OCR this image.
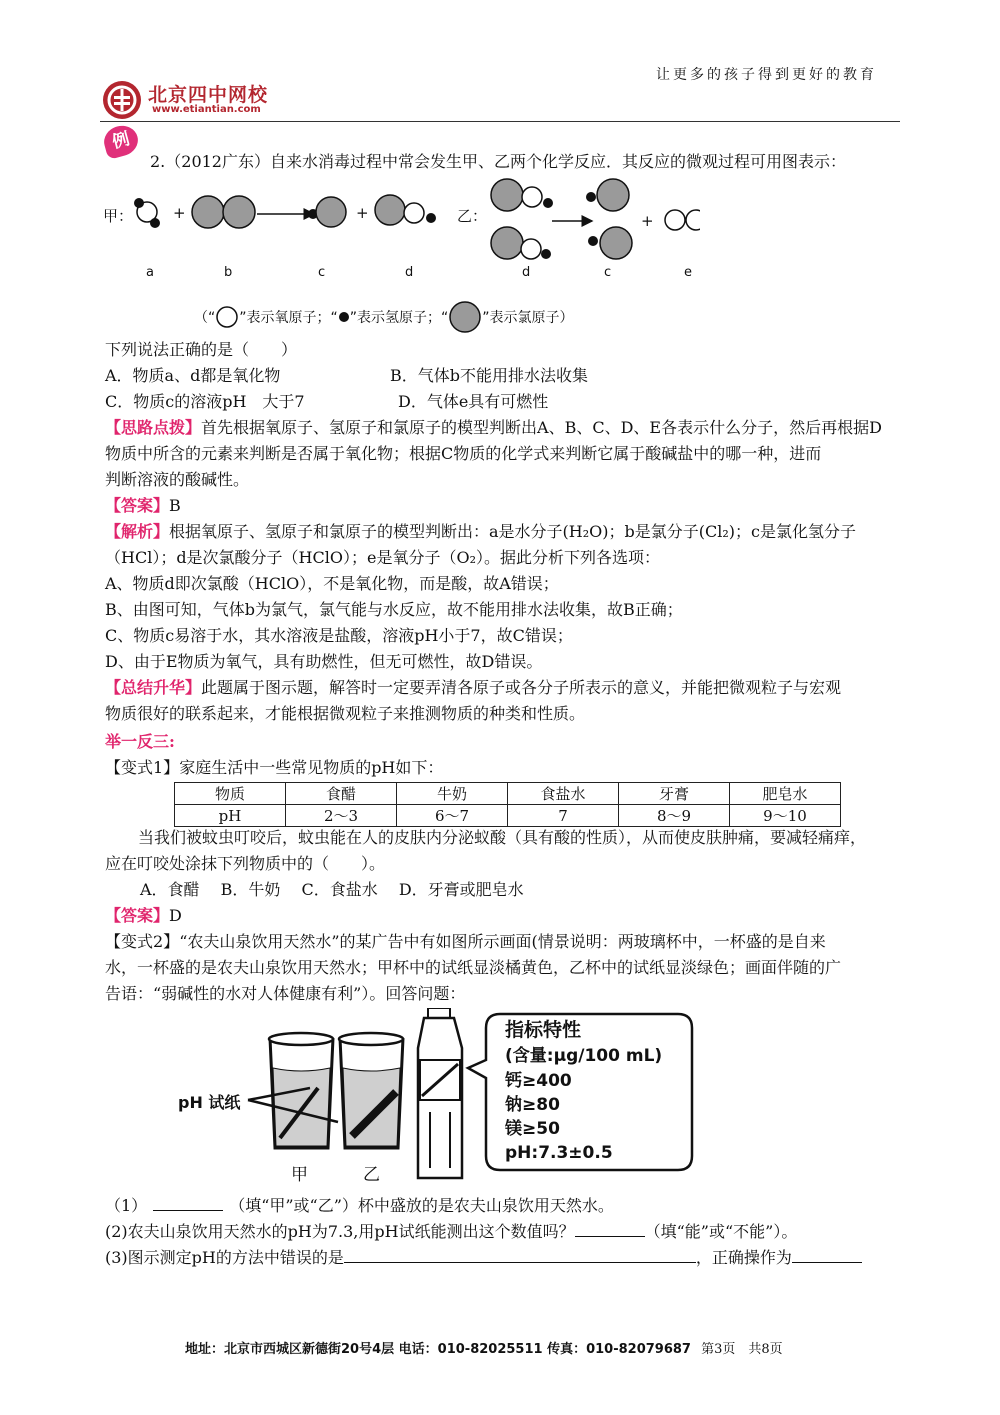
让更多的孩子得到更好的教育
北京四中网校
www.etiantian.com
例
2.（2012广东）自来水消毒过程中常会发生甲、乙两个化学反应．其反应的微观过程可用图表示：
甲：	+	+	乙：	+
a	b	c	d	d	c	e
（“ ”表示氧原子；“ ”表示氢原子；“ ”表示氯原子）
下列说法正确的是（　　）
A．物质a、d都是氧化物	B．气体b不能用排水法收集
C．物质c的溶液pH　大于7	D．气体e具有可燃性
【思路点拨】首先根据氧原子、氢原子和氯原子的模型判断出A、B、C、D、E各表示什么分子，然后再根据D
物质中所含的元素来判断是否属于氧化物；根据C物质的化学式来判断它属于酸碱盐中的哪一种，进而
判断溶液的酸碱性。
【答案】B
【解析】根据氧原子、氢原子和氯原子的模型判断出：a是水分子(H₂O)；b是氯分子(Cl₂)；c是氯化氢分子
（HCl）；d是次氯酸分子（HClO）；e是氧分子（O₂）。据此分析下列各选项：
A、物质d即次氯酸（HClO），不是氧化物，而是酸，故A错误；
B、由图可知，气体b为氯气，氯气能与水反应，故不能用排水法收集，故B正确；
C、物质c易溶于水，其水溶液是盐酸，溶液pH小于7，故C错误；
D、由于E物质为氧气，具有助燃性，但无可燃性，故D错误。
【总结升华】此题属于图示题，解答时一定要弄清各原子或各分子所表示的意义，并能把微观粒子与宏观
物质很好的联系起来，才能根据微观粒子来推测物质的种类和性质。
举一反三:
【变式1】家庭生活中一些常见物质的pH如下：
物质	食醋	牛奶	食盐水	牙膏	肥皂水
pH	2～3	6～7	7	8～9	9～10
当我们被蚊虫叮咬后，蚊虫能在人的皮肤内分泌蚁酸（具有酸的性质），从而使皮肤肿痛，要减轻痛痒，
应在叮咬处涂抹下列物质中的（　　）。
A．食醋　 B．牛奶　 C．食盐水　 D．牙膏或肥皂水
【答案】D
【变式2】“农夫山泉饮用天然水”的某广告中有如图所示画面(情景说明：两玻璃杯中，一杯盛的是自来
水，一杯盛的是农夫山泉饮用天然水；甲杯中的试纸显淡橘黄色，乙杯中的试纸显淡绿色；画面伴随的广
告语：“弱碱性的水对人体健康有利”）。回答问题：
指标特性
(含量:μg/100 mL)
钙≥400
钠≥80
镁≥50
pH:7.3±0.5
pH 试纸
甲	乙
（1）	（填“甲”或“乙”）杯中盛放的是农夫山泉饮用天然水。
(2)农夫山泉饮用天然水的pH为7.3,用pH试纸能测出这个数值吗？	（填“能”或“不能”）。
(3)图示测定pH的方法中错误的是	，正确操作为
地址：北京市西城区新德街20号4层 电话：010-82025511 传真：010-82079687 第3页　共8页
